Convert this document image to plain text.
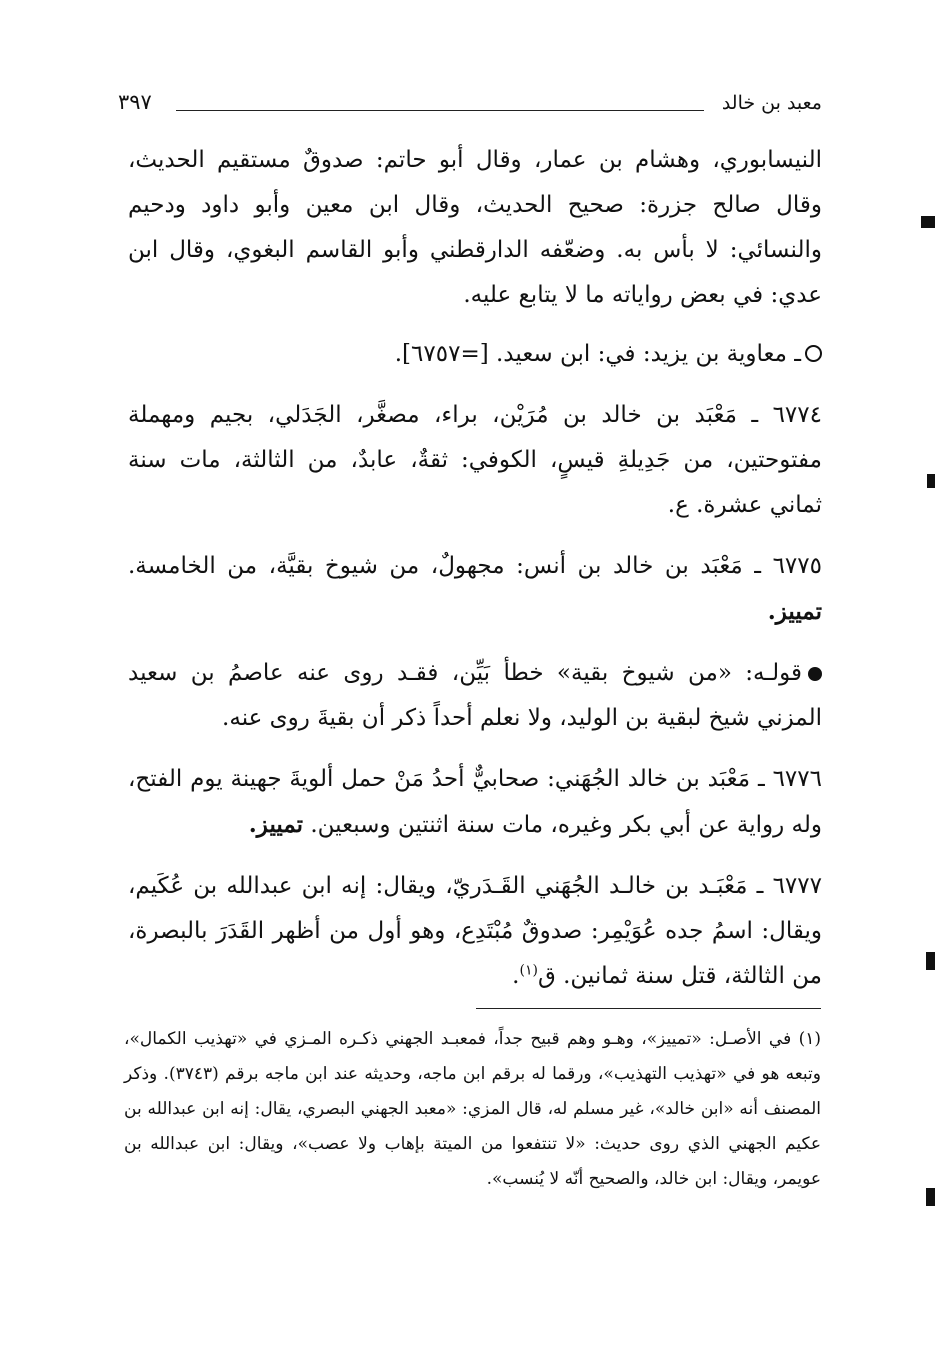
معبد بن خالد
٣٩٧

النيسابوري، وهشام بن عمار، وقال أبو حاتم: صدوقٌ مستقيم الحديث، وقال صالح جزرة: صحيح الحديث، وقال ابن معين وأبو داود ودحيم والنسائي: لا بأس به. وضعّفه الدارقطني وأبو القاسم البغوي، وقال ابن عدي: في بعض رواياته ما لا يتابع عليه.

ـ معاوية بن يزيد: في: ابن سعيد. [=٦٧٥٧].

٦٧٧٤ ـ مَعْبَد بن خالد بن مُرَيْن، براء، مصغَّر، الجَدَلي، بجيم ومهملة مفتوحتين، من جَدِيلةِ قيسٍ، الكوفي: ثقةٌ، عابدٌ، من الثالثة، مات سنة ثماني عشرة. ع.

٦٧٧٥ ـ مَعْبَد بن خالد بن أنس: مجهولٌ، من شيوخ بقيَّة، من الخامسة. تمييز.

قولـه: «من شيوخ بقية» خطأ بَيِّن، فقـد روى عنه عاصمُ بن سعيد المزني شيخ لبقية بن الوليد، ولا نعلم أحداً ذكر أن بقيةَ روى عنه.

٦٧٧٦ ـ مَعْبَد بن خالد الجُهَني: صحابيٌّ أحدُ مَنْ حمل ألويةَ جهينة يوم الفتح، وله رواية عن أبي بكر وغيره، مات سنة اثنتين وسبعين. تمييز.

٦٧٧٧ ـ مَعْبَـد بن خالـد الجُهَني القَـدَريّ، ويقال: إنه ابن عبدالله بن عُكَيم، ويقال: اسمُ جده عُوَيْمِر: صدوقٌ مُبْتَدِع، وهو أول من أظهر القَدَرَ بالبصرة، من الثالثة، قتل سنة ثمانين. ق$^{(١)}$.

(١) في الأصـل: «تمييز»، وهـو وهم قبيح جداً، فمعبـد الجهني ذكـره المـزي في «تهذيب الكمال»، وتبعه هو في «تهذيب التهذيب»، ورقما له برقم ابن ماجه، وحديثه عند ابن ماجه برقم (٣٧٤٣). وذكر المصنف أنه «ابن خالد»، غير مسلم له، قال المزي: «معبد الجهني البصري، يقال: إنه ابن عبدالله بن عكيم الجهني الذي روى حديث: «لا تنتفعوا من الميتة بإهاب ولا عصب»، ويقال: ابن عبدالله بن عويمر، ويقال: ابن خالد، والصحيح أنّه لا يُنسب».
